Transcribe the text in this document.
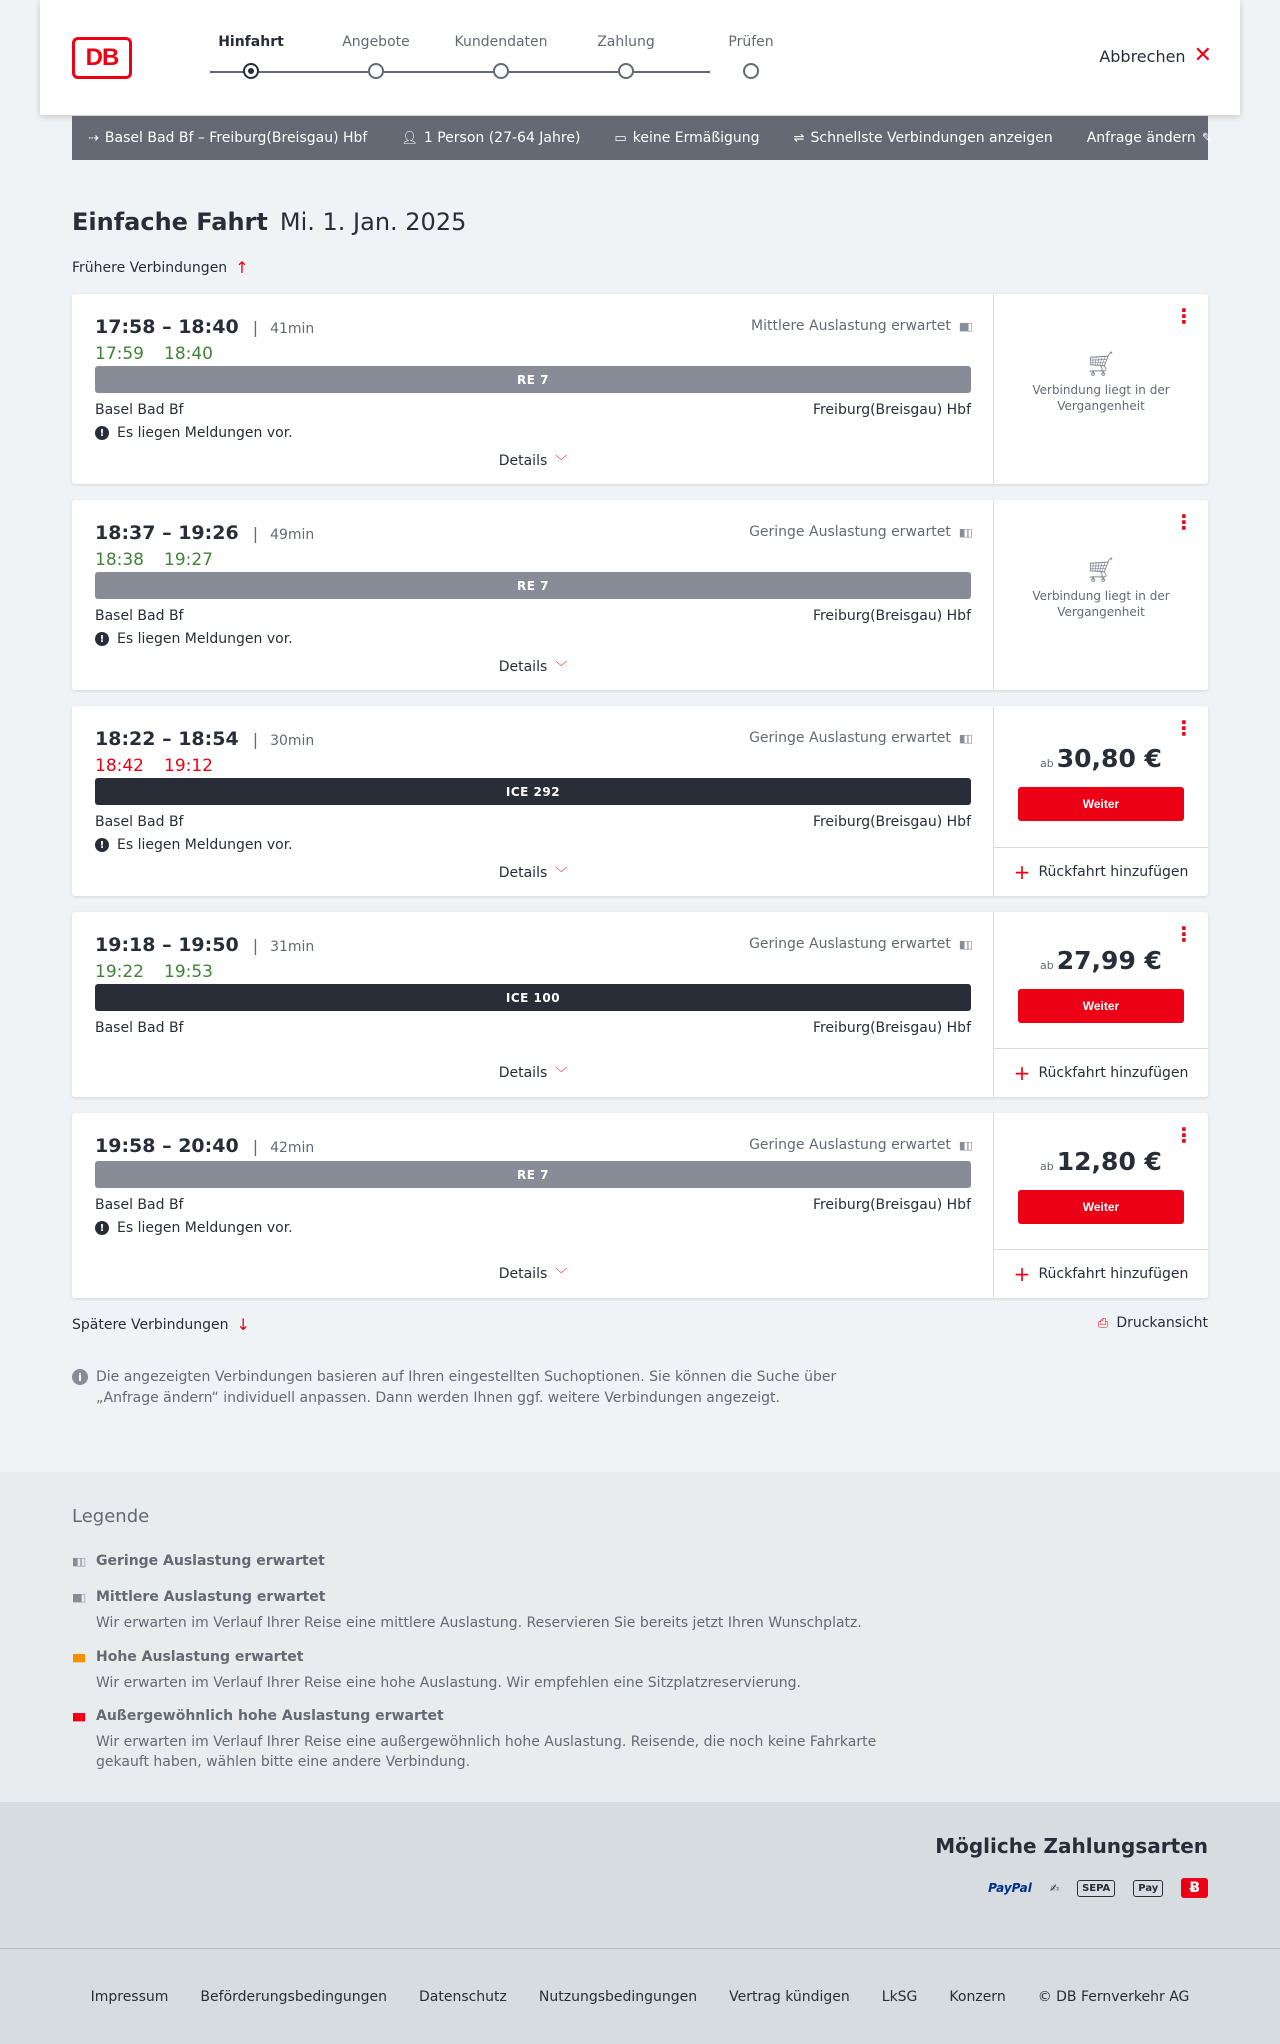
DB
Hinfahrt	Angebote	Kundendaten	Zahlung	Prüfen
Abbrechen ✕
⇢ Basel Bad Bf – Freiburg(Breisgau) Hbf	👤︎ 1 Person (27-64 Jahre)	▭ keine Ermäßigung	⇌ Schnellste Verbindungen anzeigen Anfrage ändern ✎
Einfache Fahrt Mi. 1. Jan. 2025
Frühere Verbindungen ↑
17:58 – 18:40 | 41min
17:59 18:40
Mittlere Auslastung erwartet ▮▮▯
RE 7
Basel Bad Bf	Freiburg(Breisgau) Hbf
! Es liegen Meldungen vor.
Details ﹀
⋮
🛒︎
Verbindung liegt in der Vergangenheit
18:37 – 19:26 | 49min
18:38 19:27
Geringe Auslastung erwartet ▮▯▯
RE 7
Basel Bad Bf	Freiburg(Breisgau) Hbf
! Es liegen Meldungen vor.
Details ﹀
⋮
🛒︎
Verbindung liegt in der Vergangenheit
18:22 – 18:54 | 30min
18:42 19:12
Geringe Auslastung erwartet ▮▯▯
ICE 292
Basel Bad Bf	Freiburg(Breisgau) Hbf
! Es liegen Meldungen vor.
Details ﹀
⋮
ab 30,80 €
Weiter
+ Rückfahrt hinzufügen
19:18 – 19:50 | 31min
19:22 19:53
Geringe Auslastung erwartet ▮▯▯
ICE 100
Basel Bad Bf	Freiburg(Breisgau) Hbf
Details ﹀
⋮
ab 27,99 €
Weiter
+ Rückfahrt hinzufügen
19:58 – 20:40 | 42min	Geringe Auslastung erwartet ▮▯▯
RE 7
Basel Bad Bf	Freiburg(Breisgau) Hbf
! Es liegen Meldungen vor.
Details ﹀
⋮
ab 12,80 €
Weiter
+ Rückfahrt hinzufügen
Spätere Verbindungen ↓	⎙ Druckansicht
i	Die angezeigten Verbindungen basieren auf Ihren eingestellten Suchoptionen. Sie können die Suche über „Anfrage ändern“ individuell anpassen. Dann werden Ihnen ggf. weitere Verbindungen angezeigt.
Legende
▮▯▯ Geringe Auslastung erwartet
▮▮▯ Mittlere Auslastung erwartet
Wir erwarten im Verlauf Ihrer Reise eine mittlere Auslastung. Reservieren Sie bereits jetzt Ihren Wunschplatz.
▮▮▮ Hohe Auslastung erwartet
Wir erwarten im Verlauf Ihrer Reise eine hohe Auslastung. Wir empfehlen eine Sitzplatzreservierung.
▮▮▮ Außergewöhnlich hohe Auslastung erwartet
Wir erwarten im Verlauf Ihrer Reise eine außergewöhnlich hohe Auslastung. Reisende, die noch keine Fahrkarte gekauft haben, wählen bitte eine andere Verbindung.
Mögliche Zahlungsarten
PayPal ✍	SEPA	Pay	Ƀ
Impressum Beförderungsbedingungen Datenschutz Nutzungsbedingungen Vertrag kündigen LkSG Konzern © DB Fernverkehr AG
